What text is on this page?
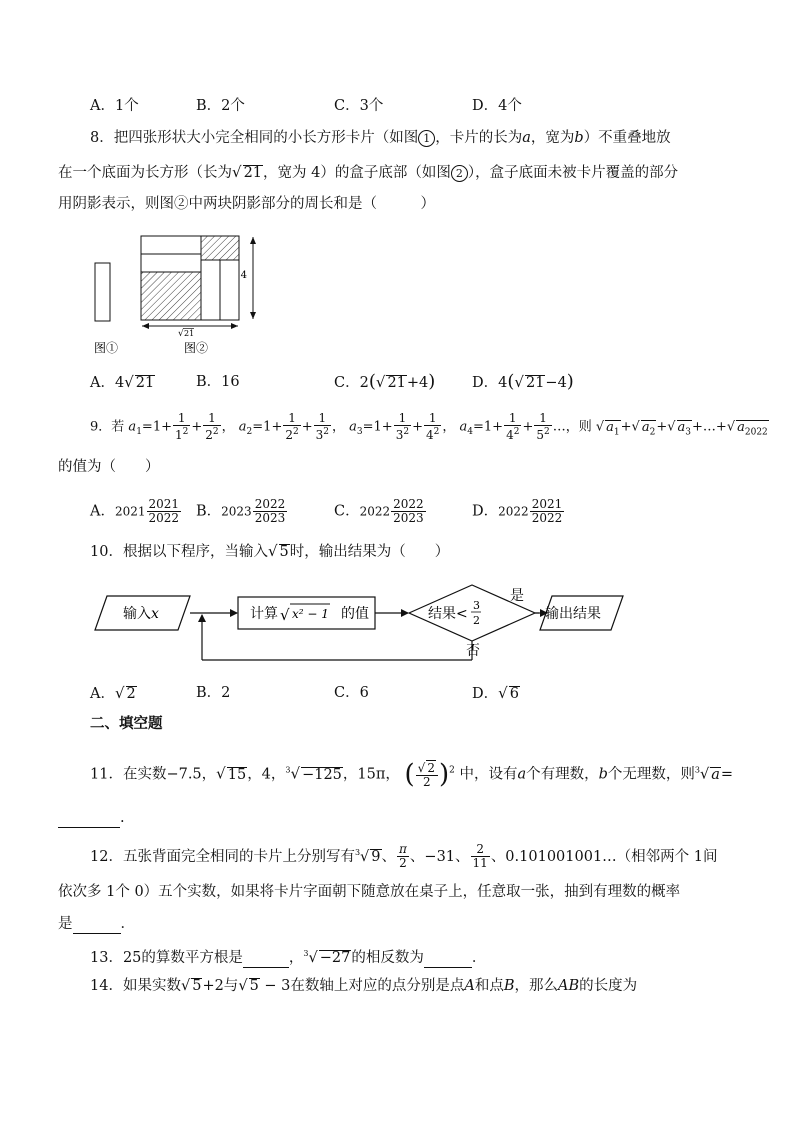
A．1个	B．2个	C．3个	D．4个
8．把四张形状大小完全相同的小长方形卡片（如图 1 ，卡片的长为a，宽为b）不重叠地放
在一个底面为长方形（长为√ 21，宽为 4）的盒子底部（如图 2 ），盒子底面未被卡片覆盖的部分
用阴影表示，则图②中两块阴影部分的周长和是（　　　）
4
√ 21
图①	图②
A．4√ 21	B．16	C．2(√ 21+4)	D．4(√ 21−4)
9．若 $a_1=1+ \frac{1}{1^2} + \frac{1}{2^2}$ ， $a_2=1+ \frac{1}{2^2} + \frac{1}{3^2}$ ， $a_3=1+ \frac{1}{3^2} + \frac{1}{4^2}$ ， $a_4=1+ \frac{1}{4^2} + \frac{1}{5^2}$ …，则 √ $a_1+√$ $a_2+√$ $a_3+\dots+√$ $a_{2022}$
的值为（　　）
A．$2021 \frac{2021}{2022}$ B．$2023 \frac{2022}{2023}$	C．$2022 \frac{2022}{2023}$	D．$2022 \frac{2021}{2022}$
10．根据以下程序，当输入√ 5时，输出结果为（　　）
输入x	计算 √ x² − 1 的值	结果<
3
2
是
输出结果
否
A．√ 2	B．2	C．6	D．√ 6
二、填空题
11．在实数−7.5，√ 15，4，$^3$√ −125，15π， ( $\frac{√ 2}{2} )^2$ 中，设有a个有理数，b个无理数，则$^3$√ a=
.
12．五张背面完全相同的卡片上分别写有$^3$√ 9、 $\frac{\pi}{2}$ 、−31、 $\frac{2}{11}$ 、0.101001001…（相邻两个 1间
依次多 1个 0）五个实数，如果将卡片字面朝下随意放在桌子上，任意取一张，抽到有理数的概率
是	．
13．25的算数平方根是	，$^3$√ −27的相反数为	．
14．如果实数√ 5+2与√ 5 − 3在数轴上对应的点分别是点A和点B，那么AB的长度为
